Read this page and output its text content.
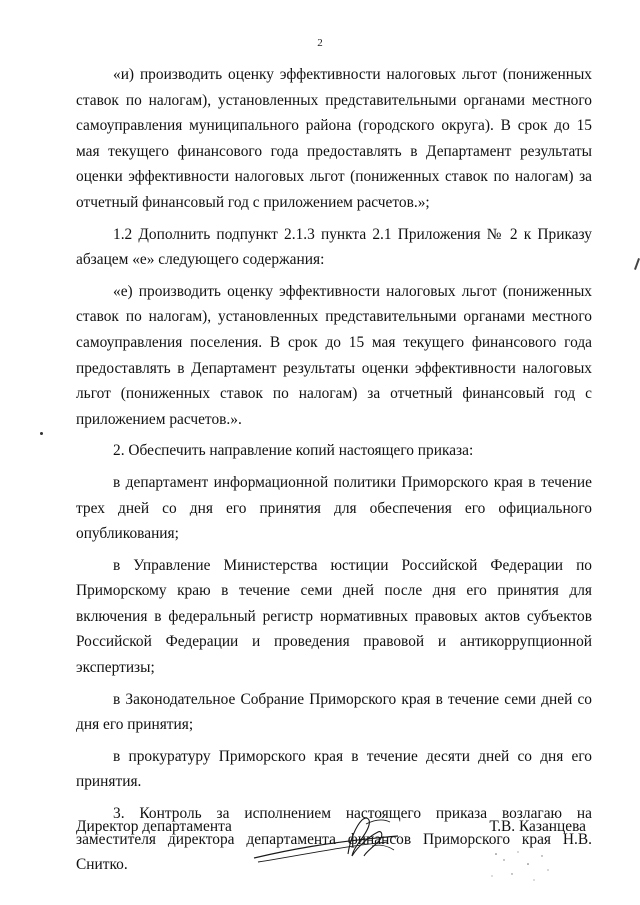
2

«и) производить оценку эффективности налоговых льгот (пониженных ставок по налогам), установленных представительными органами местного самоуправления муниципального района (городского округа). В срок до 15 мая текущего финансового года предоставлять в Департамент результаты оценки эффективности налоговых льгот (пониженных ставок по налогам) за отчетный финансовый год с приложением расчетов.»;

1.2 Дополнить подпункт 2.1.3 пункта 2.1 Приложения № 2 к Приказу абзацем «е» следующего содержания:

«е) производить оценку эффективности налоговых льгот (пониженных ставок по налогам), установленных представительными органами местного самоуправления поселения. В срок до 15 мая текущего финансового года предоставлять в Департамент результаты оценки эффективности налоговых льгот (пониженных ставок по налогам) за отчетный финансовый год с приложением расчетов.».

2. Обеспечить направление копий настоящего приказа:

в департамент информационной политики Приморского края в течение трех дней со дня его принятия для обеспечения его официального опубликования;

в Управление Министерства юстиции Российской Федерации по Приморскому краю в течение семи дней после дня его принятия для включения в федеральный регистр нормативных правовых актов субъектов Российской Федерации и проведения правовой и антикоррупционной экспертизы;

в Законодательное Собрание Приморского края в течение семи дней со дня его принятия;

в прокуратуру Приморского края в течение десяти дней со дня его принятия.

3. Контроль за исполнением настоящего приказа возлагаю на заместителя директора департамента финансов Приморского края Н.В. Снитко.

Директор департамента	Т.В. Казанцева
